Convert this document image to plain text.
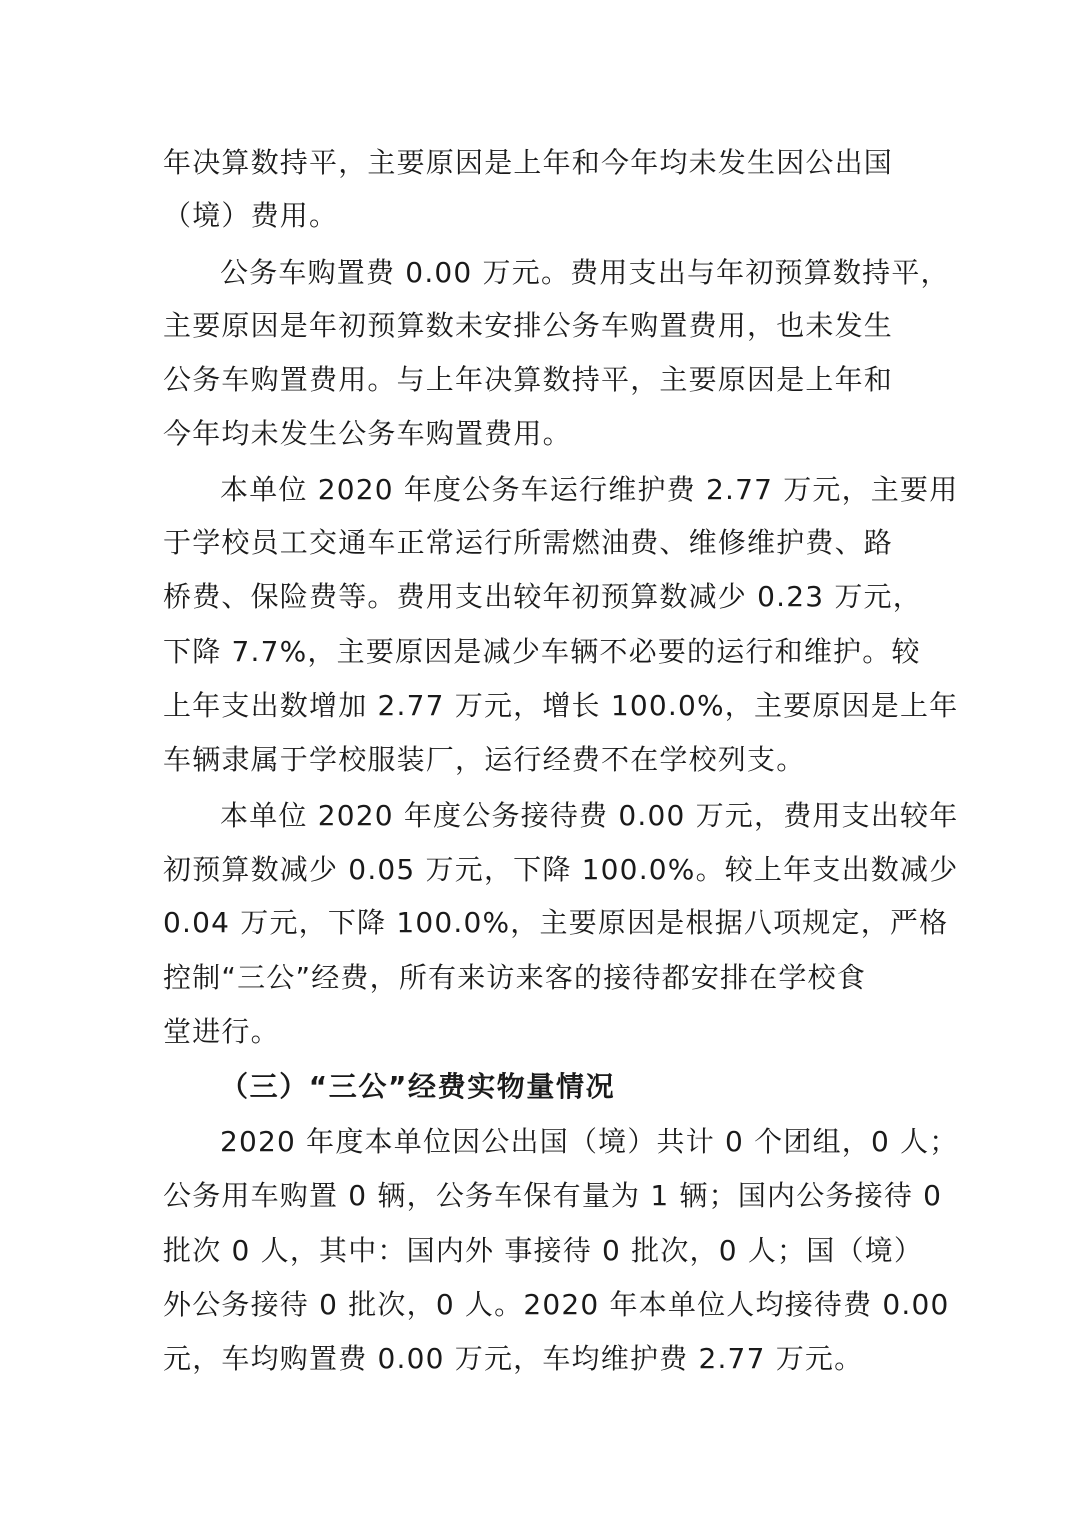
年决算数持平，主要原因是上年和今年均未发生因公出国
（境）费用。
公务车购置费 0.00 万元。费用支出与年初预算数持平，
主要原因是年初预算数未安排公务车购置费用，也未发生
公务车购置费用。与上年决算数持平，主要原因是上年和
今年均未发生公务车购置费用。
本单位 2020 年度公务车运行维护费 2.77 万元，主要用
于学校员工交通车正常运行所需燃油费、维修维护费、路
桥费、保险费等。费用支出较年初预算数减少 0.23 万元，
下降 7.7%，主要原因是减少车辆不必要的运行和维护。较
上年支出数增加 2.77 万元，增长 100.0%，主要原因是上年
车辆隶属于学校服装厂，运行经费不在学校列支。
本单位 2020 年度公务接待费 0.00 万元，费用支出较年
初预算数减少 0.05 万元，下降 100.0%。较上年支出数减少
0.04 万元，下降 100.0%，主要原因是根据八项规定，严格
控制“三公”经费，所有来访来客的接待都安排在学校食
堂进行。
（三）“三公”经费实物量情况
2020 年度本单位因公出国（境）共计 0 个团组，0 人；
公务用车购置 0 辆，公务车保有量为 1 辆；国内公务接待 0
批次 0 人，其中：国内外 事接待 0 批次，0 人；国（境）
外公务接待 0 批次，0 人。2020 年本单位人均接待费 0.00
元，车均购置费 0.00 万元，车均维护费 2.77 万元。
